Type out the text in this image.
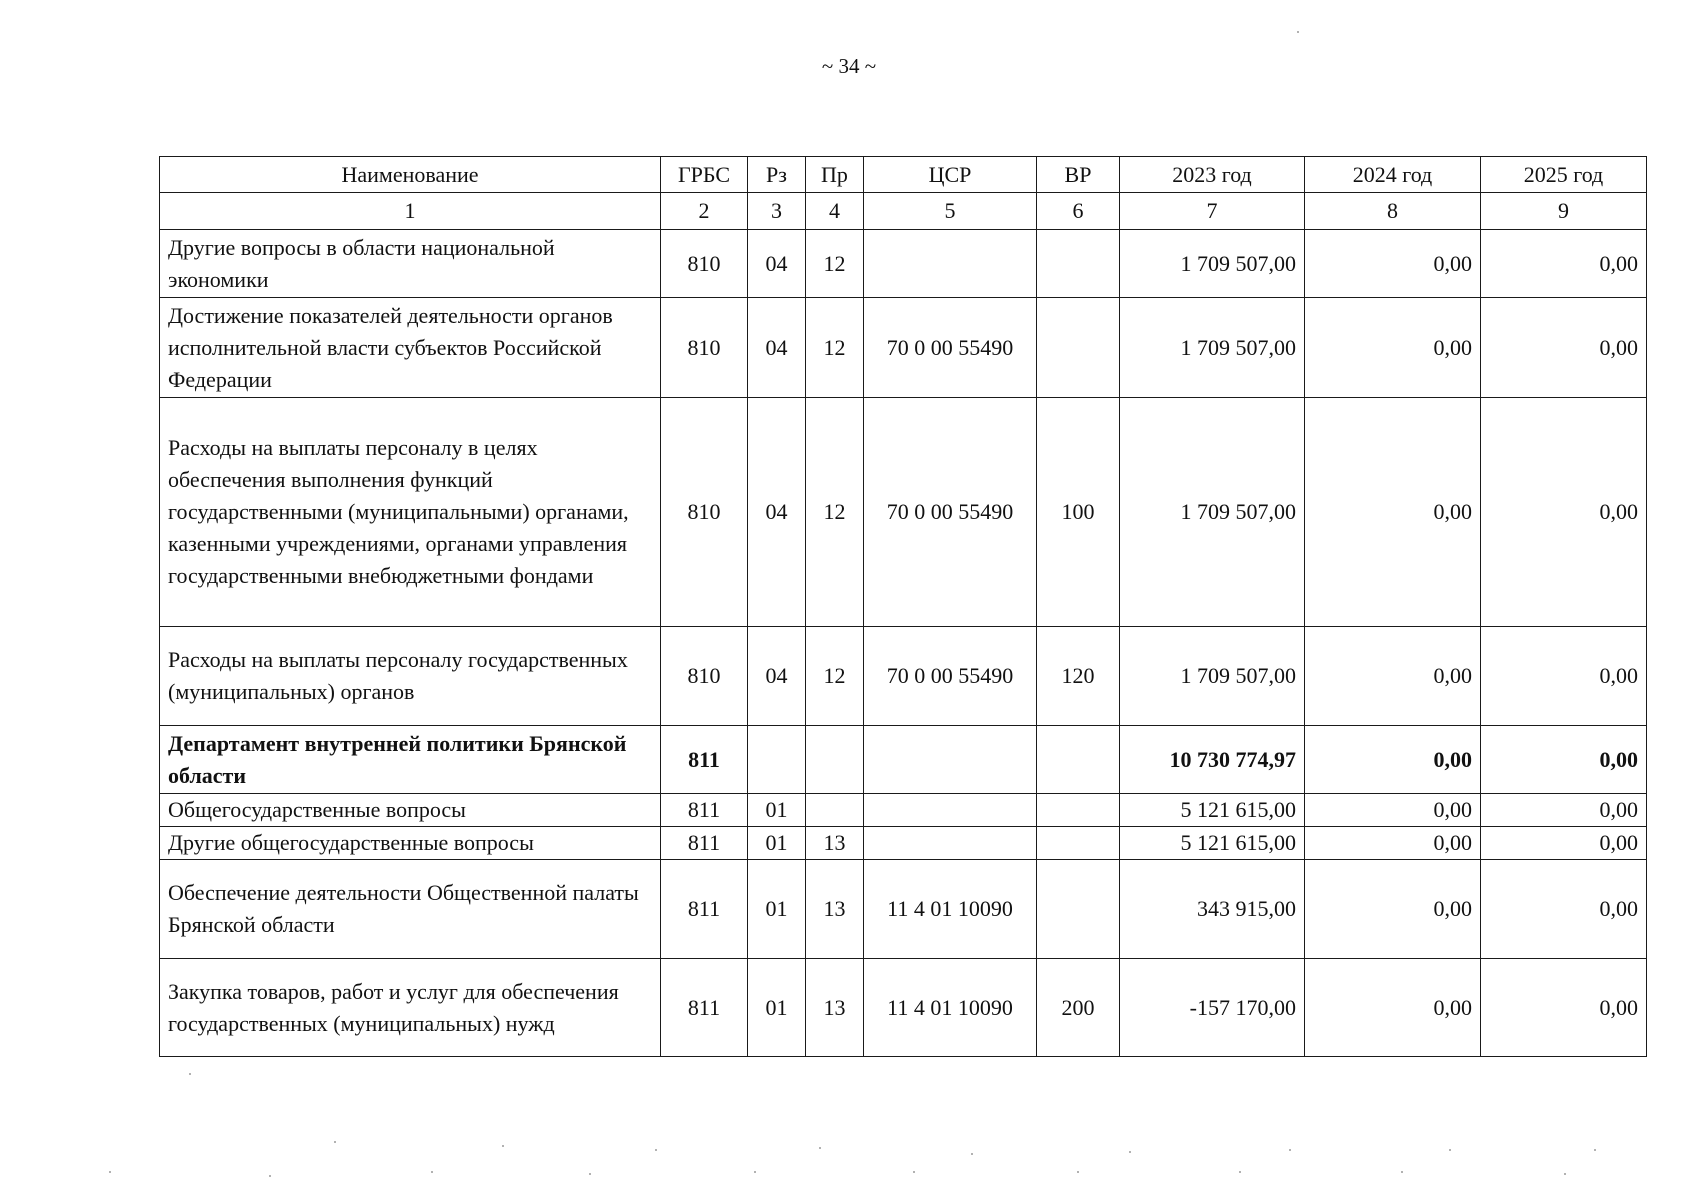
~ 34 ~
Наименование	ГРБС	Рз	Пр	ЦСР	ВР	2023 год	2024 год	2025 год
1	2	3	4	5	6	7	8	9
Другие вопросы в области национальной экономики	810	04	12			1 709 507,00	0,00	0,00
Достижение показателей деятельности органов исполнительной власти субъектов Российской Федерации	810	04	12	70 0 00 55490		1 709 507,00	0,00	0,00
Расходы на выплаты персоналу в целях обеспечения выполнения функций государственными (муниципальными) органами, казенными учреждениями, органами управления государственными внебюджетными фондами	810	04	12	70 0 00 55490	100	1 709 507,00	0,00	0,00
Расходы на выплаты персоналу государственных (муниципальных) органов	810	04	12	70 0 00 55490	120	1 709 507,00	0,00	0,00
Департамент внутренней политики Брянской области	811					10 730 774,97	0,00	0,00
Общегосударственные вопросы	811	01				5 121 615,00	0,00	0,00
Другие общегосударственные вопросы	811	01	13			5 121 615,00	0,00	0,00
Обеспечение деятельности Общественной палаты Брянской области	811	01	13	11 4 01 10090		343 915,00	0,00	0,00
Закупка товаров, работ и услуг для обеспечения государственных (муниципальных) нужд	811	01	13	11 4 01 10090	200	-157 170,00	0,00	0,00
